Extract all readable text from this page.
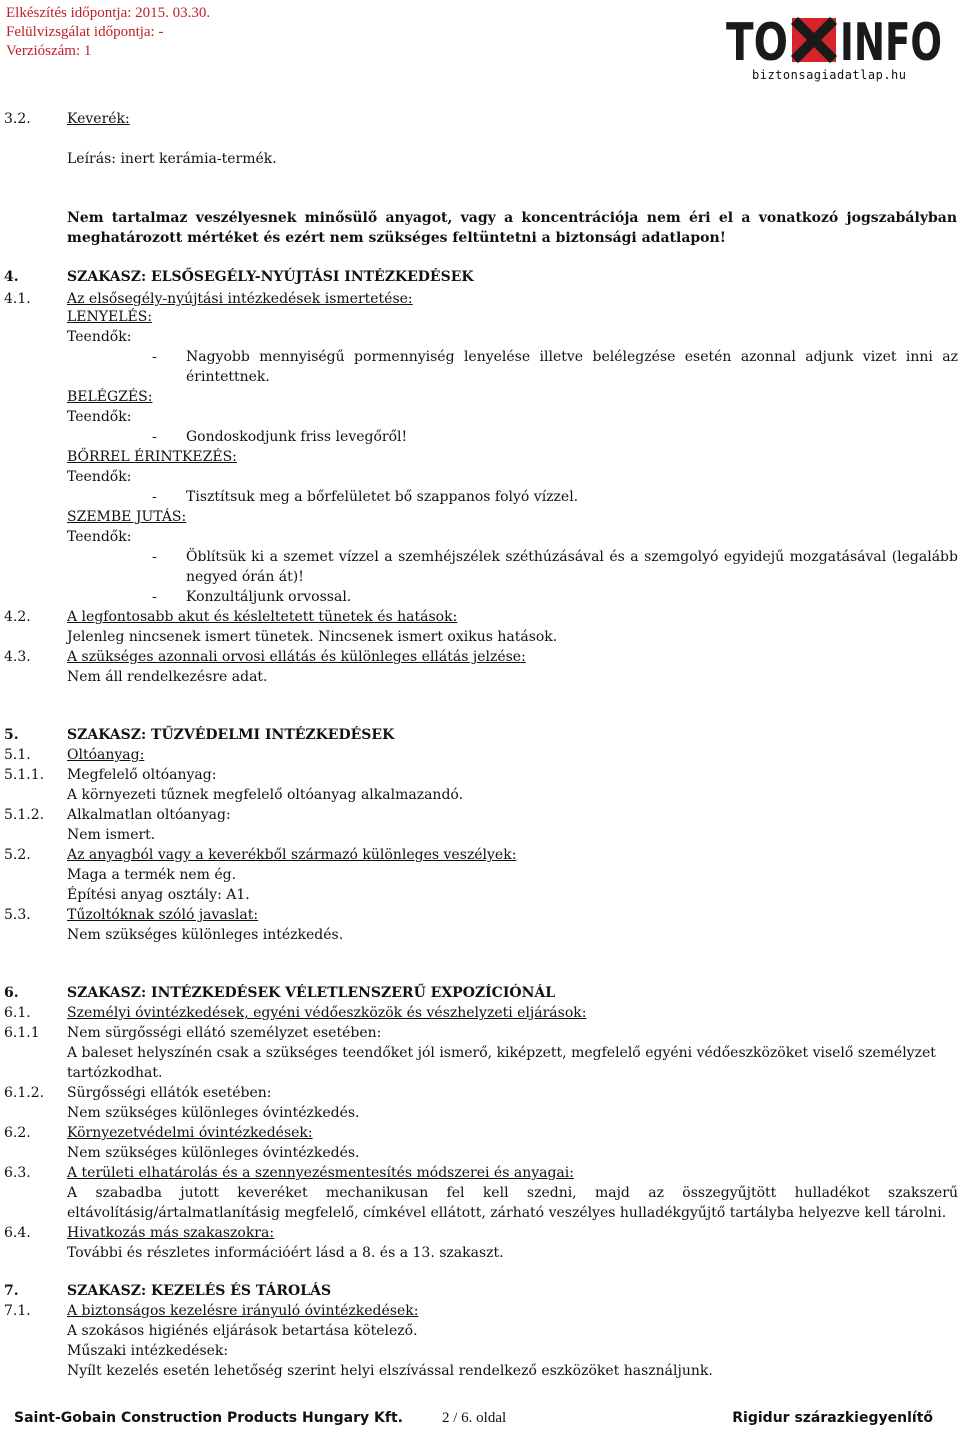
Elkészítés időpontja: 2015. 03.30.
Felülvizsgálat időpontja: -
Verziószám: 1	TO INFO
biztonsagiadatlap.hu
3.2.	Keverék:
Leírás: inert kerámia-termék.
Nem tartalmaz veszélyesnek minősülő anyagot, vagy a koncentrációja nem éri el a vonatkozó jogszabályban
meghatározott mértéket és ezért nem szükséges feltüntetni a biztonsági adatlapon!
4.	SZAKASZ: ELSŐSEGÉLY-NYÚJTÁSI INTÉZKEDÉSEK
4.1.	Az elsősegély-nyújtási intézkedések ismertetése:
LENYELÉS:
Teendők:
- Nagyobb mennyiségű pormennyiség lenyelése illetve belélegzése esetén azonnal adjunk vizet inni az
érintettnek.
BELÉGZÉS:
Teendők:
- Gondoskodjunk friss levegőről!
BŐRREL ÉRINTKEZÉS:
Teendők:
- Tisztítsuk meg a bőrfelületet bő szappanos folyó vízzel.
SZEMBE JUTÁS:
Teendők:
- Öblítsük ki a szemet vízzel a szemhéjszélek széthúzásával és a szemgolyó egyidejű mozgatásával (legalább
negyed órán át)!
- Konzultáljunk orvossal.
4.2.	A legfontosabb akut és késleltetett tünetek és hatások:
Jelenleg nincsenek ismert tünetek. Nincsenek ismert oxikus hatások.
4.3.	A szükséges azonnali orvosi ellátás és különleges ellátás jelzése:
Nem áll rendelkezésre adat.
5.	SZAKASZ: TŰZVÉDELMI INTÉZKEDÉSEK
5.1.	Oltóanyag:
5.1.1. Megfelelő oltóanyag:
A környezeti tűznek megfelelő oltóanyag alkalmazandó.
5.1.2. Alkalmatlan oltóanyag:
Nem ismert.
5.2.	Az anyagból vagy a keverékből származó különleges veszélyek:
Maga a termék nem ég.
Építési anyag osztály: A1.
5.3.	Tűzoltóknak szóló javaslat:
Nem szükséges különleges intézkedés.
6.	SZAKASZ: INTÉZKEDÉSEK VÉLETLENSZERŰ EXPOZÍCIÓNÁL
6.1.	Személyi óvintézkedések, egyéni védőeszközök és vészhelyzeti eljárások:
6.1.1 Nem sürgősségi ellátó személyzet esetében:
A baleset helyszínén csak a szükséges teendőket jól ismerő, kiképzett, megfelelő egyéni védőeszközöket viselő személyzet
tartózkodhat.
6.1.2. Sürgősségi ellátók esetében:
Nem szükséges különleges óvintézkedés.
6.2.	Környezetvédelmi óvintézkedések:
Nem szükséges különleges óvintézkedés.
6.3.	A területi elhatárolás és a szennyezésmentesítés módszerei és anyagai:
A szabadba jutott keveréket mechanikusan fel kell szedni, majd az összegyűjtött hulladékot szakszerű
eltávolításig/ártalmatlanításig megfelelő, címkével ellátott, zárható veszélyes hulladékgyűjtő tartályba helyezve kell tárolni.
6.4.	Hivatkozás más szakaszokra:
További és részletes információért lásd a 8. és a 13. szakaszt.
7.	SZAKASZ: KEZELÉS ÉS TÁROLÁS
7.1.	A biztonságos kezelésre irányuló óvintézkedések:
A szokásos higiénés eljárások betartása kötelező.
Műszaki intézkedések:
Nyílt kezelés esetén lehetőség szerint helyi elszívással rendelkező eszközöket használjunk.
Saint-Gobain Construction Products Hungary Kft.	2 / 6. oldal	Rigidur szárazkiegyenlítő
